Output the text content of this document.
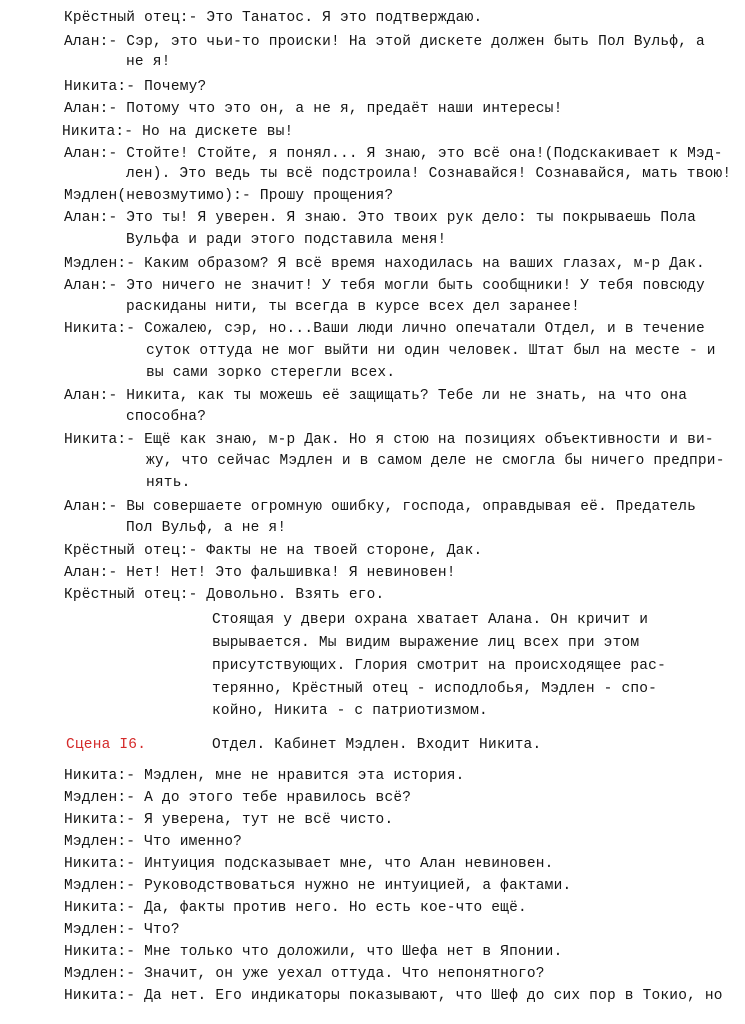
Крёстный отец:- Это Танатос. Я это подтверждаю.
Алан:- Сэр, это чьи-то происки! На этой дискете должен быть Пол Вульф, а
не я!
Никита:- Почему?
Алан:- Потому что это он, а не я, предаёт наши интересы!
Никита:- Но на дискете вы!
Алан:- Стойте! Стойте, я понял... Я знаю, это всё она!(Подскакивает к Мэд-
лен). Это ведь ты всё подстроила! Сознавайся! Сознавайся, мать твою!
Мэдлен(невозмутимо):- Прошу прощения?
Алан:- Это ты! Я уверен. Я знаю. Это твоих рук дело: ты покрываешь Пола
Вульфа и ради этого подставила меня!
Мэдлен:- Каким образом? Я всё время находилась на ваших глазах, м-р Дак.
Алан:- Это ничего не значит! У тебя могли быть сообщники! У тебя повсюду
раскиданы нити, ты всегда в курсе всех дел заранее!
Никита:- Сожалею, сэр, но...Ваши люди лично опечатали Отдел, и в течение
суток оттуда не мог выйти ни один человек. Штат был на месте - и
вы сами зорко стерегли всех.
Алан:- Никита, как ты можешь её защищать? Тебе ли не знать, на что она
способна?
Никита:- Ещё как знаю, м-р Дак. Но я стою на позициях объективности и ви-
жу, что сейчас Мэдлен и в самом деле не смогла бы ничего предпри-
нять.
Алан:- Вы совершаете огромную ошибку, господа, оправдывая её. Предатель
Пол Вульф, а не я!
Крёстный отец:- Факты не на твоей стороне, Дак.
Алан:- Нет! Нет! Это фальшивка! Я невиновен!
Крёстный отец:- Довольно. Взять его.
Стоящая у двери охрана хватает Алана. Он кричит и
вырывается. Мы видим выражение лиц всех при этом
присутствующих. Глория смотрит на происходящее рас-
терянно, Крёстный отец - исподлобья, Мэдлен - спо-
койно, Никита - с патриотизмом.
Сцена I6.	Отдел. Кабинет Мэдлен. Входит Никита.
Никита:- Мэдлен, мне не нравится эта история.
Мэдлен:- А до этого тебе нравилось всё?
Никита:- Я уверена, тут не всё чисто.
Мэдлен:- Что именно?
Никита:- Интуиция подсказывает мне, что Алан невиновен.
Мэдлен:- Руководствоваться нужно не интуицией, а фактами.
Никита:- Да, факты против него. Но есть кое-что ещё.
Мэдлен:- Что?
Никита:- Мне только что доложили, что Шефа нет в Японии.
Мэдлен:- Значит, он уже уехал оттуда. Что непонятного?
Никита:- Да нет. Его индикаторы показывают, что Шеф до сих пор в Токио, но
